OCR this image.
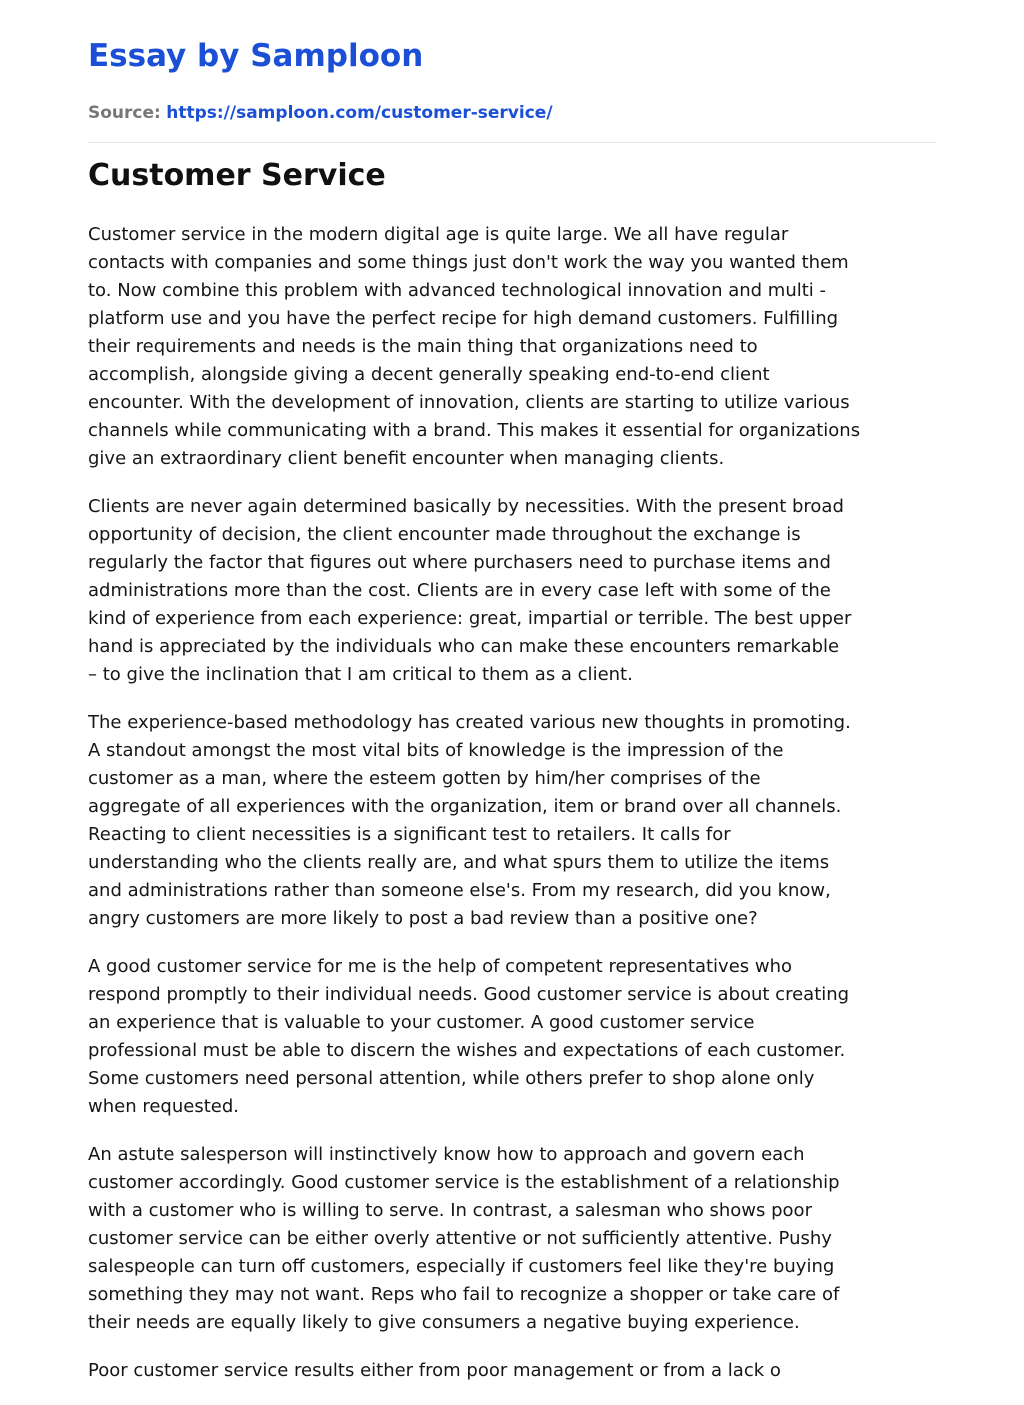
Essay by Samploon
Source: https://samploon.com/customer-service/
Customer Service
Customer service in the modern digital age is quite large. We all have regular
contacts with companies and some things just don't work the way you wanted them
to. Now combine this problem with advanced technological innovation and multi -
platform use and you have the perfect recipe for high demand customers. Fulfilling
their requirements and needs is the main thing that organizations need to
accomplish, alongside giving a decent generally speaking end-to-end client
encounter. With the development of innovation, clients are starting to utilize various
channels while communicating with a brand. This makes it essential for organizations
give an extraordinary client benefit encounter when managing clients.
Clients are never again determined basically by necessities. With the present broad
opportunity of decision, the client encounter made throughout the exchange is
regularly the factor that figures out where purchasers need to purchase items and
administrations more than the cost. Clients are in every case left with some of the
kind of experience from each experience: great, impartial or terrible. The best upper
hand is appreciated by the individuals who can make these encounters remarkable
– to give the inclination that I am critical to them as a client.
The experience-based methodology has created various new thoughts in promoting.
A standout amongst the most vital bits of knowledge is the impression of the
customer as a man, where the esteem gotten by him/her comprises of the
aggregate of all experiences with the organization, item or brand over all channels.
Reacting to client necessities is a significant test to retailers. It calls for
understanding who the clients really are, and what spurs them to utilize the items
and administrations rather than someone else's. From my research, did you know,
angry customers are more likely to post a bad review than a positive one?
A good customer service for me is the help of competent representatives who
respond promptly to their individual needs. Good customer service is about creating
an experience that is valuable to your customer. A good customer service
professional must be able to discern the wishes and expectations of each customer.
Some customers need personal attention, while others prefer to shop alone only
when requested.
An astute salesperson will instinctively know how to approach and govern each
customer accordingly. Good customer service is the establishment of a relationship
with a customer who is willing to serve. In contrast, a salesman who shows poor
customer service can be either overly attentive or not sufficiently attentive. Pushy
salespeople can turn off customers, especially if customers feel like they're buying
something they may not want. Reps who fail to recognize a shopper or take care of
their needs are equally likely to give consumers a negative buying experience.
Poor customer service results either from poor management or from a lack o
